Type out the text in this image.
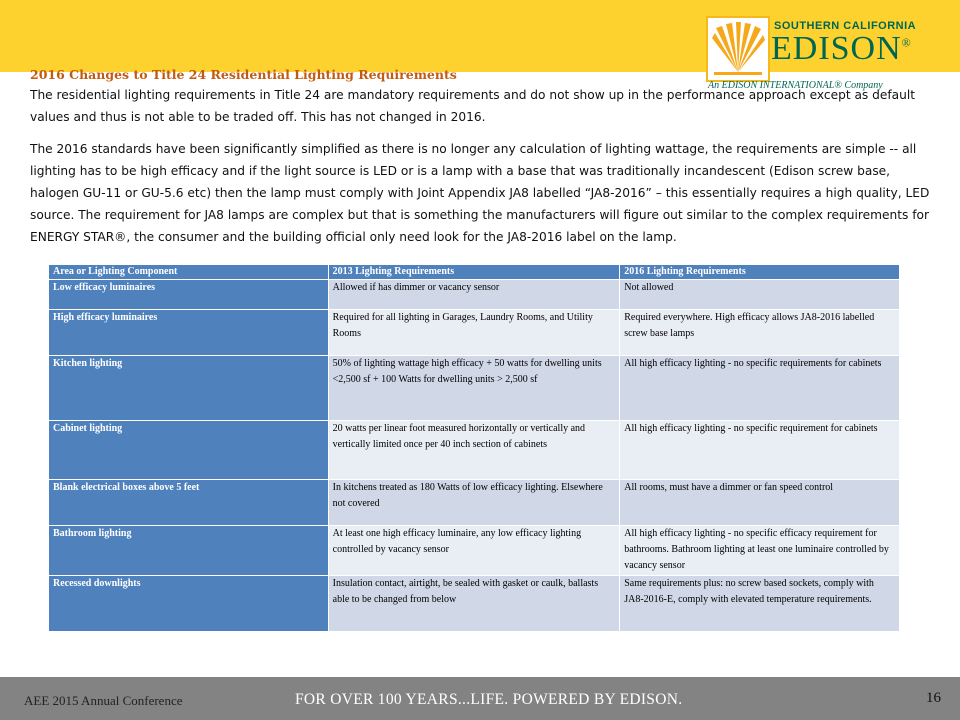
SOUTHERN CALIFORNIA
EDISON®
An EDISON INTERNATIONAL® Company
2016 Changes to Title 24 Residential Lighting Requirements

The residential lighting requirements in Title 24 are mandatory requirements and do not show up in the performance approach except as default values and thus is not able to be traded off. This has not changed in 2016.

The 2016 standards have been significantly simplified as there is no longer any calculation of lighting wattage, the requirements are simple -- all lighting has to be high efficacy and if the light source is LED or is a lamp with a base that was traditionally incandescent (Edison screw base, halogen GU-11 or GU-5.6 etc) then the lamp must comply with Joint Appendix JA8 labelled “JA8-2016” – this essentially requires a high quality, LED source. The requirement for JA8 lamps are complex but that is something the manufacturers will figure out similar to the complex requirements for ENERGY STAR®, the consumer and the building official only need look for the JA8-2016 label on the lamp.

Area or Lighting Component	2013 Lighting Requirements	2016 Lighting Requirements
Low efficacy luminaires	Allowed if has dimmer or vacancy sensor	Not allowed
High efficacy luminaires	Required for all lighting in Garages, Laundry Rooms, and Utility Rooms	Required everywhere. High efficacy allows JA8-2016 labelled screw base lamps
Kitchen lighting	50% of lighting wattage high efficacy + 50 watts for dwelling units <2,500 sf + 100 Watts for dwelling units > 2,500 sf	All high efficacy lighting - no specific requirements for cabinets
Cabinet lighting	20 watts per linear foot measured horizontally or vertically and vertically limited once per 40 inch section of cabinets	All high efficacy lighting - no specific requirement for cabinets
Blank electrical boxes above 5 feet	In kitchens treated as 180 Watts of low efficacy lighting. Elsewhere not covered	All rooms, must have a dimmer or fan speed control
Bathroom lighting	At least one high efficacy luminaire, any low efficacy lighting controlled by vacancy sensor	All high efficacy lighting - no specific efficacy requirement for bathrooms. Bathroom lighting at least one luminaire controlled by vacancy sensor
Recessed downlights	Insulation contact, airtight, be sealed with gasket or caulk, ballasts able to be changed from below	Same requirements plus: no screw based sockets, comply with JA8-2016-E, comply with elevated temperature requirements.
AEE 2015 Annual Conference	FOR OVER 100 YEARS...LIFE. POWERED BY EDISON.	16
